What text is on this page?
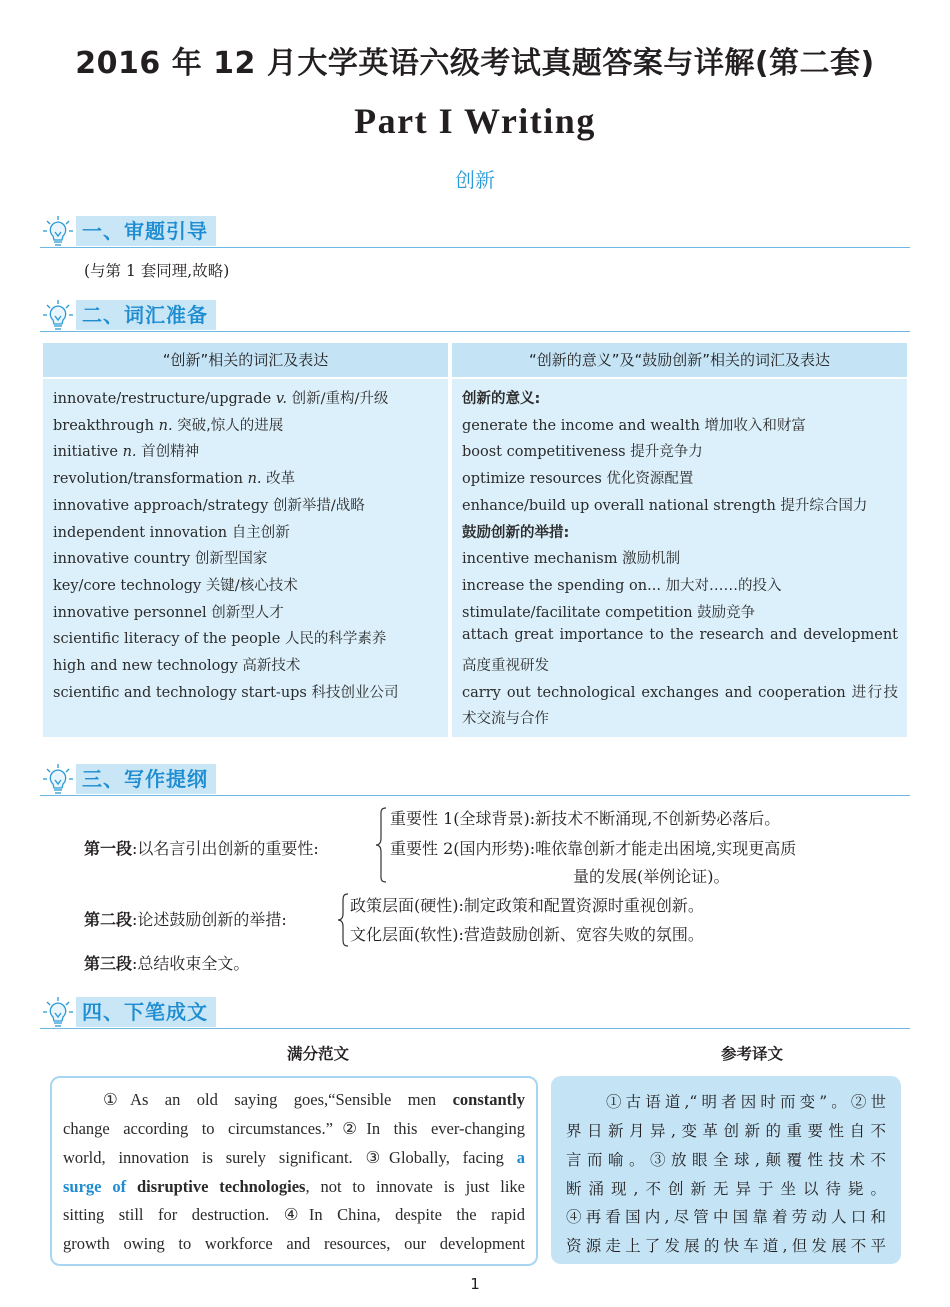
2016 年 12 月大学英语六级考试真题答案与详解(第二套)
Part I Writing
创新
一、审题引导
(与第 1 套同理,故略)
二、词汇准备
“创新”相关的词汇及表达	“创新的意义”及“鼓励创新”相关的词汇及表达
innovate/restructure/upgrade v. 创新/重构/升级
breakthrough n. 突破,惊人的进展
initiative n. 首创精神
revolution/transformation n. 改革
innovative approach/strategy 创新举措/战略
independent innovation 自主创新
innovative country 创新型国家
key/core technology 关键/核心技术
innovative personnel 创新型人才
scientific literacy of the people 人民的科学素养
high and new technology 高新技术
scientific and technology start-ups 科技创业公司
创新的意义:
generate the income and wealth 增加收入和财富
boost competitiveness 提升竞争力
optimize resources 优化资源配置
enhance/build up overall national strength 提升综合国力
鼓励创新的举措:
incentive mechanism 激励机制
increase the spending on... 加大对……的投入
stimulate/facilitate competition 鼓励竞争
attach great importance to the research and development
高度重视研发
carry out technological exchanges and cooperation 进行技
术交流与合作
三、写作提纲
第一段:以名言引出创新的重要性:
重要性 1(全球背景):新技术不断涌现,不创新势必落后。
重要性 2(国内形势):唯依靠创新才能走出困境,实现更高质
量的发展(举例论证)。
第二段:论述鼓励创新的举措:
政策层面(硬性):制定政策和配置资源时重视创新。
文化层面(软性):营造鼓励创新、宽容失败的氛围。
第三段:总结收束全文。
四、下笔成文
满分范文	参考译文
①As an old saying goes,“Sensible men constantly
change according to circumstances.”②In this ever-changing
world, innovation is surely significant. ③Globally, facing a
surge of disruptive technologies, not to innovate is just like
sitting still for destruction. ④In China, despite the rapid
growth owing to workforce and resources, our development
①古语道,“明者因时而变”。②世
界日新月异,变革创新的重要性自不
言而喻。③放眼全球,颠覆性技术不
断涌现,不创新无异于坐以待毙。
④再看国内,尽管中国靠着劳动人口和
资源走上了发展的快车道,但发展不平
1
